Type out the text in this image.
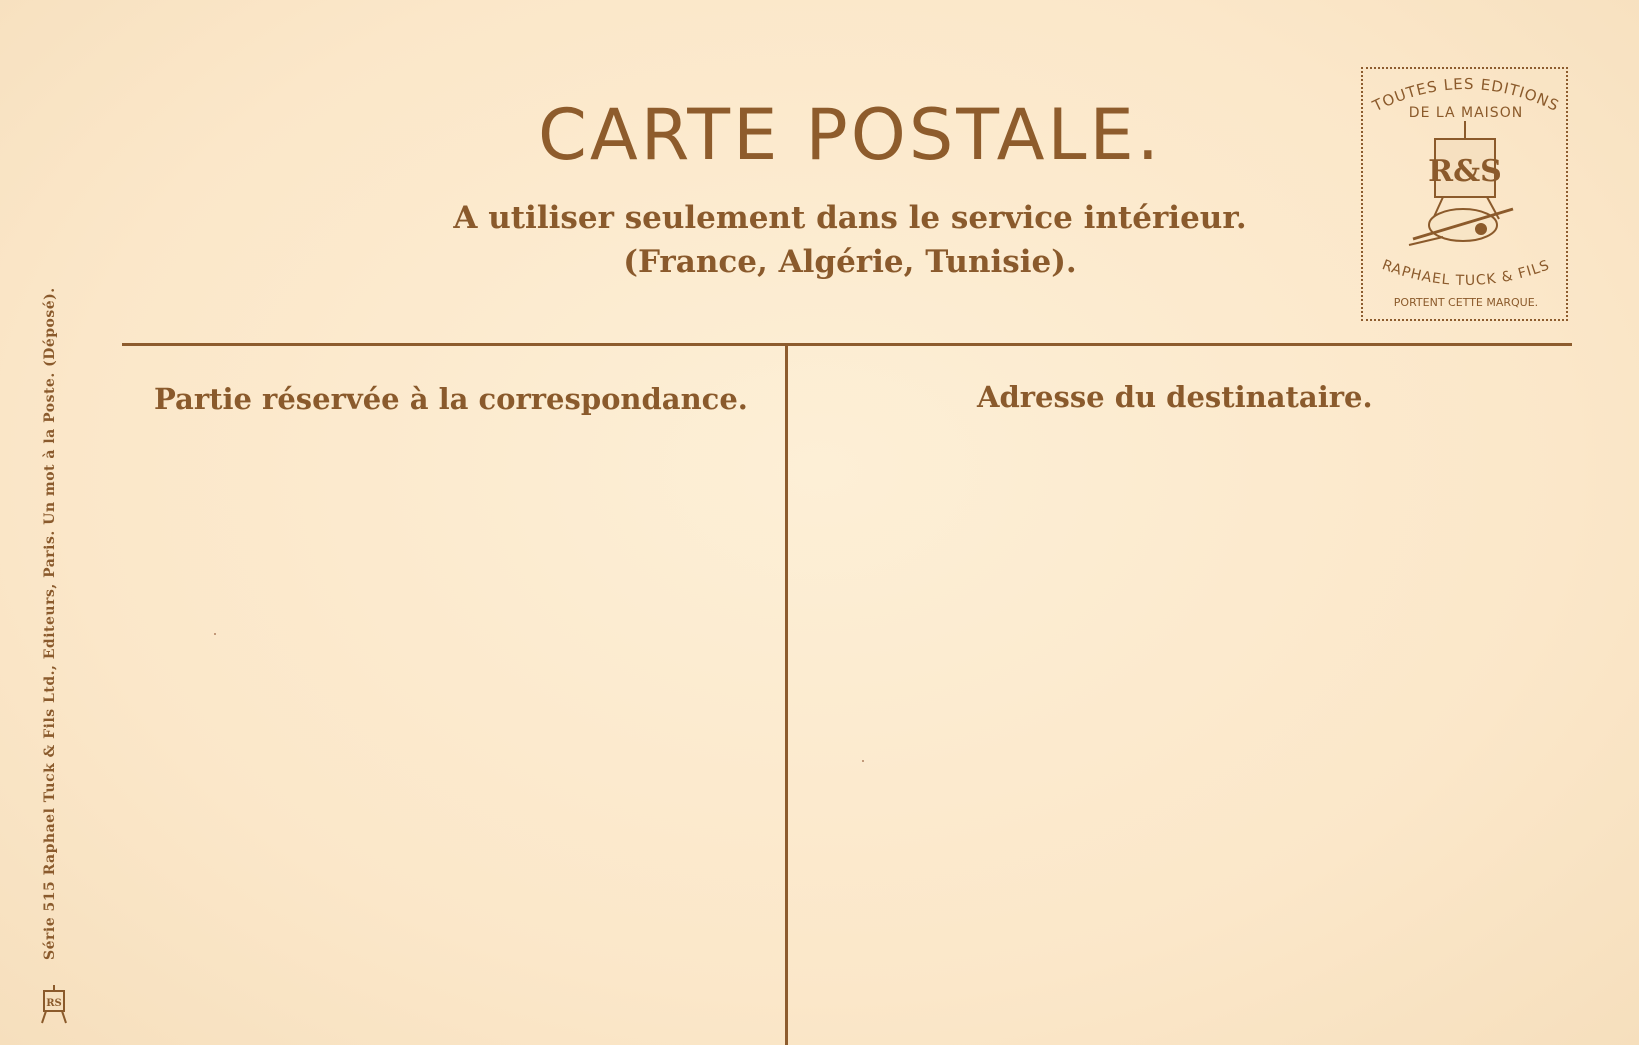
CARTE POSTALE.
A utiliser seulement dans le service intérieur.
(France, Algérie, Tunisie).
TOUTES LES EDITIONS
DE LA MAISON
R&S
RAPHAEL TUCK & FILS
PORTENT CETTE MARQUE.
Partie réservée à la correspondance.	Adresse du destinataire.
Série 515 Raphael Tuck & Fils Ltd., Editeurs, Paris. Un mot à la Poste. (Déposé).
RS
